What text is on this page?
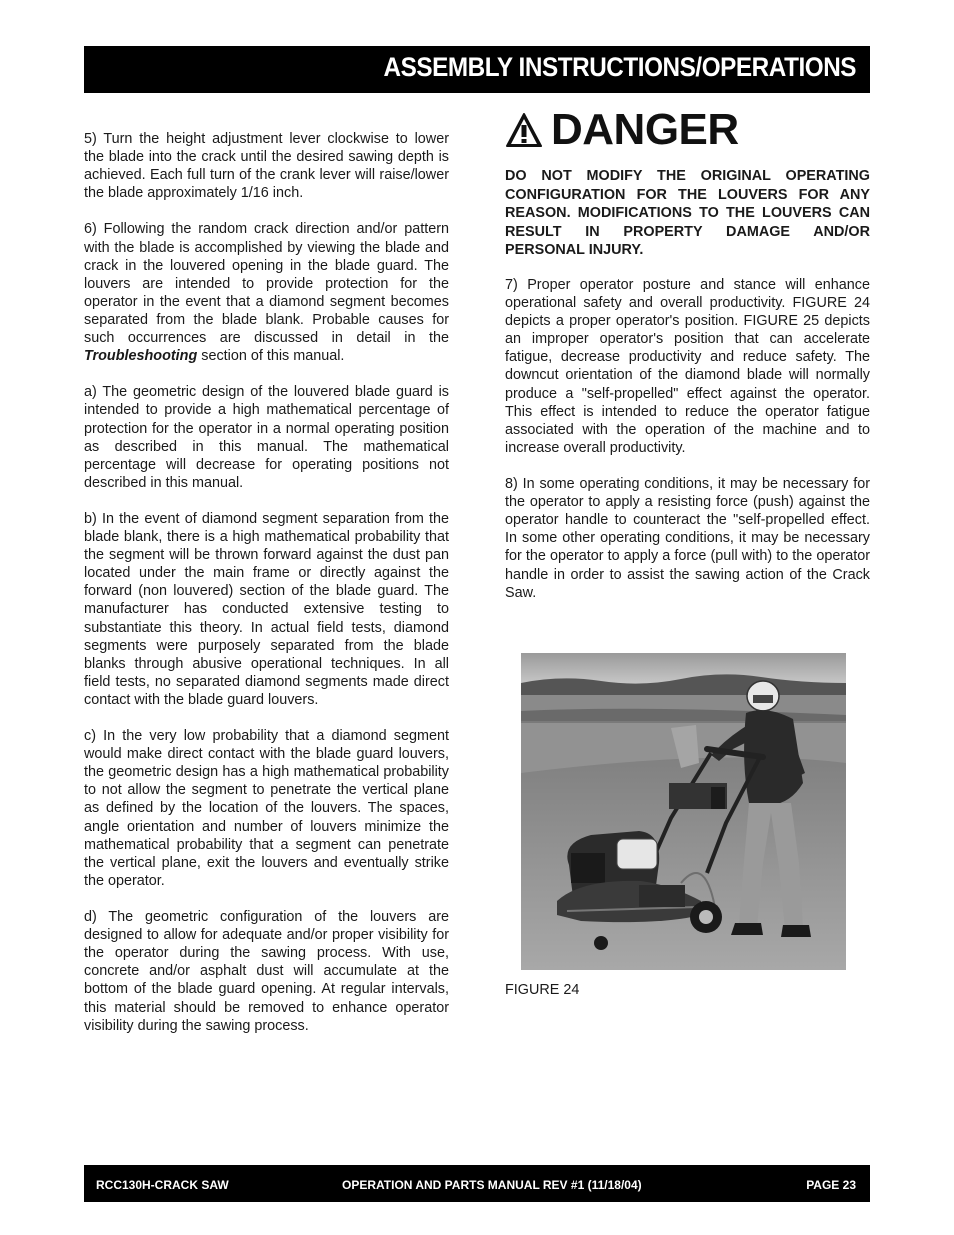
ASSEMBLY INSTRUCTIONS/OPERATIONS

5) Turn the height adjustment lever clockwise to lower the blade into the crack until the desired sawing depth is achieved. Each full turn of the crank lever will raise/lower the blade approximately 1/16 inch.

6) Following the random crack direction and/or pattern with the blade is accomplished by viewing the blade and crack in the louvered opening in the blade guard. The louvers are intended to provide protection for the operator in the event that a diamond segment becomes separated from the blade blank. Probable causes for such occurrences are discussed in detail in the Troubleshooting section of this manual.

a) The geometric design of the louvered blade guard is intended to provide a high mathematical percentage of protection for the operator in a normal operating position as described in this manual. The mathematical percentage will decrease for operating positions not described in this manual.

b) In the event of diamond segment separation from the blade blank, there is a high mathematical probability that the segment will be thrown forward against the dust pan located under the main frame or directly against the forward (non louvered) section of the blade guard. The manufacturer has conducted extensive testing to substantiate this theory. In actual field tests, diamond segments were purposely separated from the blade blanks through abusive operational techniques. In all field tests, no separated diamond segments made direct contact with the blade guard louvers.

c) In the very low probability that a diamond segment would make direct contact with the blade guard louvers, the geometric design has a high mathematical probability to not allow the segment to penetrate the vertical plane as defined by the location of the louvers. The spaces, angle orientation and number of louvers minimize the mathematical probability that a segment can penetrate the vertical plane, exit the louvers and eventually strike the operator.

d) The geometric configuration of the louvers are designed to allow for adequate and/or proper visibility for the operator during the sawing process. With use, concrete and/or asphalt dust will accumulate at the bottom of the blade guard opening. At regular intervals, this material should be removed to enhance operator visibility during the sawing process.

DANGER
DO NOT MODIFY THE ORIGINAL OPERATING CONFIGURATION FOR THE LOUVERS FOR ANY REASON. MODIFICATIONS TO THE LOUVERS CAN RESULT IN PROPERTY DAMAGE AND/OR PERSONAL INJURY.

7) Proper operator posture and stance will enhance operational safety and overall productivity. FIGURE 24 depicts a proper operator's position. FIGURE 25 depicts an improper operator's position that can accelerate fatigue, decrease productivity and reduce safety. The downcut orientation of the diamond blade will normally produce a "self-propelled" effect against the operator. This effect is intended to reduce the operator fatigue associated with the operation of the machine and to increase overall productivity.

8) In some operating conditions, it may be necessary for the operator to apply a resisting force (push) against the operator handle to counteract the "self-propelled effect. In some other operating conditions, it may be necessary for the operator to apply a force (pull with) to the operator handle in order to assist the sawing action of the Crack Saw.

FIGURE 24
RCC130H-CRACK SAW	OPERATION AND PARTS MANUAL REV #1 (11/18/04)	PAGE 23
